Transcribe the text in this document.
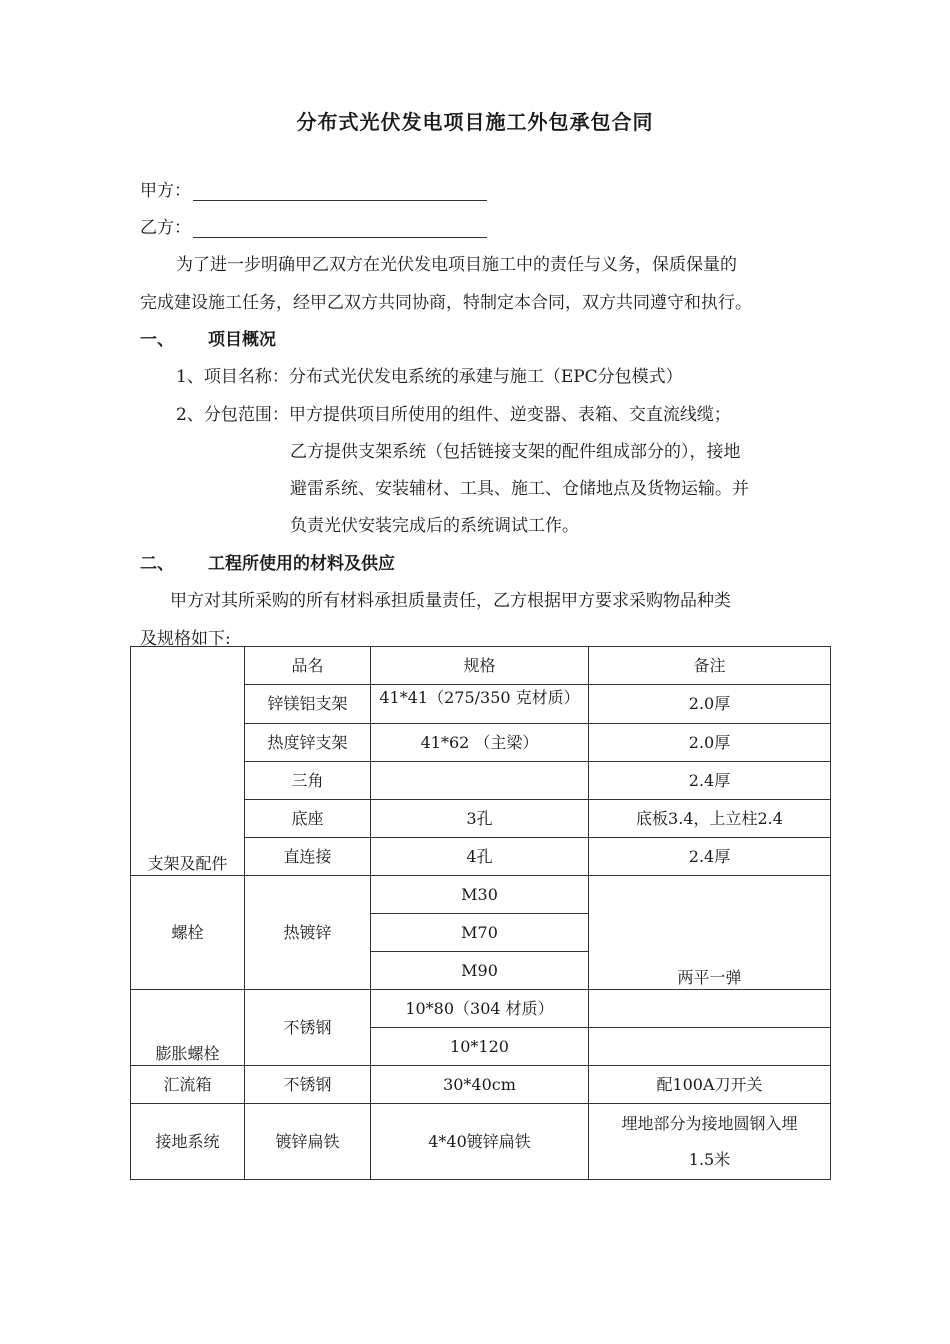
分布式光伏发电项目施工外包承包合同
甲方：
乙方：
为了进一步明确甲乙双方在光伏发电项目施工中的责任与义务，保质保量的
完成建设施工任务，经甲乙双方共同协商，特制定本合同，双方共同遵守和执行。
一、 项目概况
1、项目名称：分布式光伏发电系统的承建与施工（EPC分包模式）
2、分包范围：甲方提供项目所使用的组件、逆变器、表箱、交直流线缆；
乙方提供支架系统（包括链接支架的配件组成部分的），接地
避雷系统、安装辅材、工具、施工、仓储地点及货物运输。并
负责光伏安装完成后的系统调试工作。
二、 工程所使用的材料及供应
甲方对其所采购的所有材料承担质量责任，乙方根据甲方要求采购物品种类
及规格如下:
支架及配件	品名	规格	备注
	锌镁铝支架	41*41（275/350 克材质）	2.0厚
	热度锌支架	41*62 （主梁）	2.0厚
	三角		2.4厚
	底座	3孔	底板3.4，上立柱2.4
	直连接	4孔	2.4厚
螺栓	热镀锌	M30	两平一弹
		M70	
		M90	
膨胀螺栓	不锈钢	10*80（304 材质）	
		10*120	
汇流箱	不锈钢	30*40cm	配100A刀开关
接地系统	镀锌扁铁	4*40镀锌扁铁	埋地部分为接地圆钢入埋
1.5米
